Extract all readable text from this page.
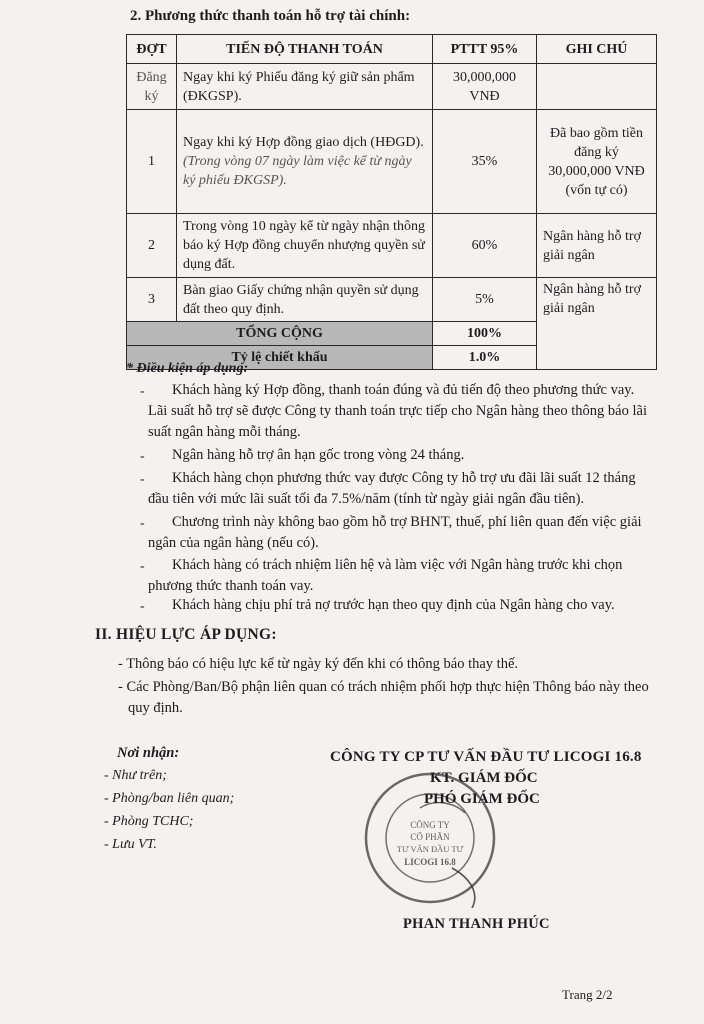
2. Phương thức thanh toán hỗ trợ tài chính:
ĐỢT	TIẾN ĐỘ THANH TOÁN	PTTT 95%	GHI CHÚ
Đăng ký	Ngay khi ký Phiếu đăng ký giữ sản phẩm (ĐKGSP).	30,000,000 VNĐ	
1	Ngay khi ký Hợp đồng giao dịch (HĐGD).
(Trong vòng 07 ngày làm việc kể từ ngày ký phiếu ĐKGSP).	35%	Đã bao gồm tiền đăng ký 30,000,000 VNĐ (vốn tự có)
2	Trong vòng 10 ngày kể từ ngày nhận thông báo ký Hợp đồng chuyển nhượng quyền sử dụng đất.	60%	Ngân hàng hỗ trợ giải ngân
3	Bàn giao Giấy chứng nhận quyền sử dụng đất theo quy định.	5%	Ngân hàng hỗ trợ giải ngân
TỔNG CỘNG		100%	
Tỷ lệ chiết khấu		1.0%	
* Điều kiện áp dụng:
-	Khách hàng ký Hợp đồng, thanh toán đúng và đủ tiến độ theo phương thức vay. Lãi suất hỗ trợ sẽ được Công ty thanh toán trực tiếp cho Ngân hàng theo thông báo lãi suất ngân hàng mỗi tháng.
-	Ngân hàng hỗ trợ ân hạn gốc trong vòng 24 tháng.
-	Khách hàng chọn phương thức vay được Công ty hỗ trợ ưu đãi lãi suất 12 tháng đầu tiên với mức lãi suất tối đa 7.5%/năm (tính từ ngày giải ngân đầu tiên).
-	Chương trình này không bao gồm hỗ trợ BHNT, thuế, phí liên quan đến việc giải ngân của ngân hàng (nếu có).
-	Khách hàng có trách nhiệm liên hệ và làm việc với Ngân hàng trước khi chọn phương thức thanh toán vay.
-	Khách hàng chịu phí trả nợ trước hạn theo quy định của Ngân hàng cho vay.
II. HIỆU LỰC ÁP DỤNG:
- Thông báo có hiệu lực kể từ ngày ký đến khi có thông báo thay thế.
- Các Phòng/Ban/Bộ phận liên quan có trách nhiệm phối hợp thực hiện Thông báo này theo quy định.
Nơi nhận:
- Như trên;
- Phòng/ban liên quan;
- Phòng TCHC;
- Lưu VT.
CÔNG TY
CỔ PHẦN
TƯ VẤN ĐẦU TƯ
LICOGI 16.8
CÔNG TY CP TƯ VẤN ĐẦU TƯ LICOGI 16.8
KT. GIÁM ĐỐC
PHÓ GIÁM ĐỐC
PHAN THANH PHÚC
Trang 2/2
